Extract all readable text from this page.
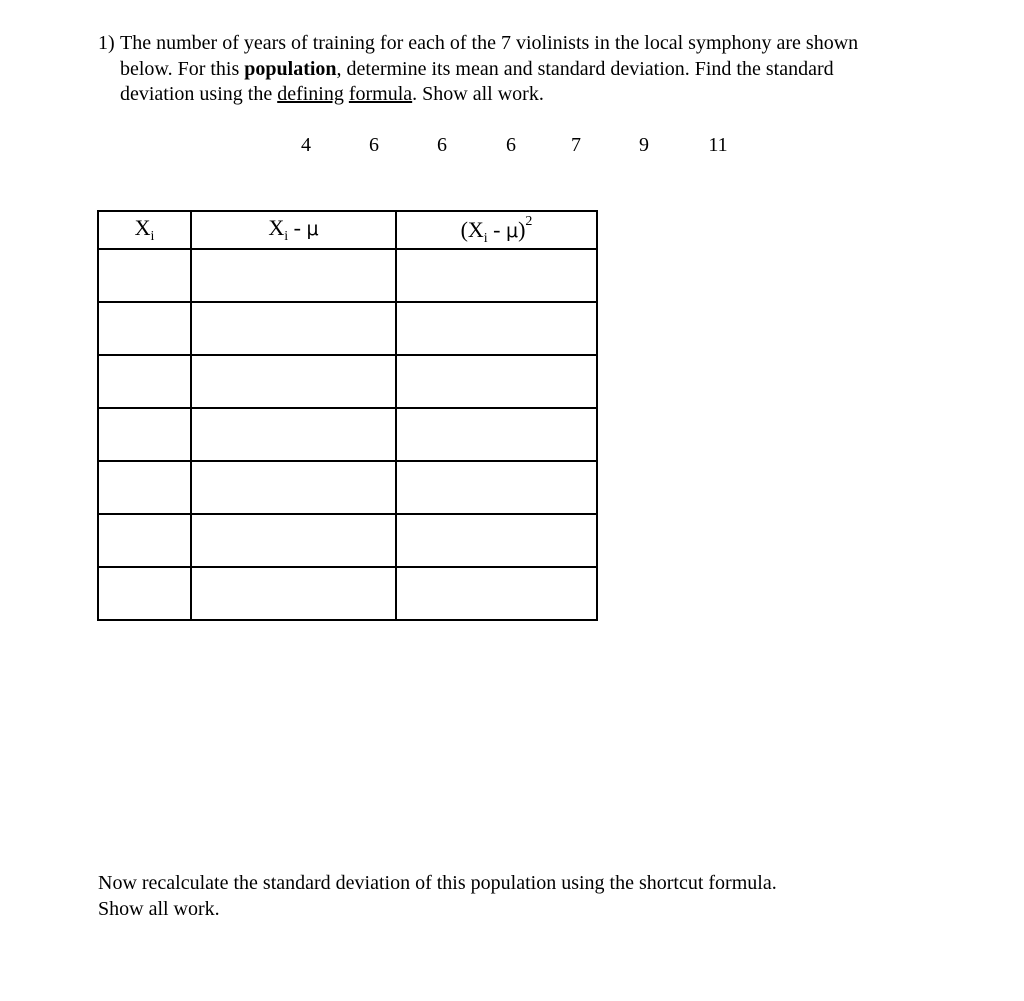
1) The number of years of training for each of the 7 violinists in the local symphony are shown below. For this population, determine its mean and standard deviation. Find the standard deviation using the defining formula. Show all work.
4	6	6	6	7	9	11
$X_i$	$X_i$ - μ	$(X_i - \mu)^2$

Now recalculate the standard deviation of this population using the shortcut formula.
Show all work.
